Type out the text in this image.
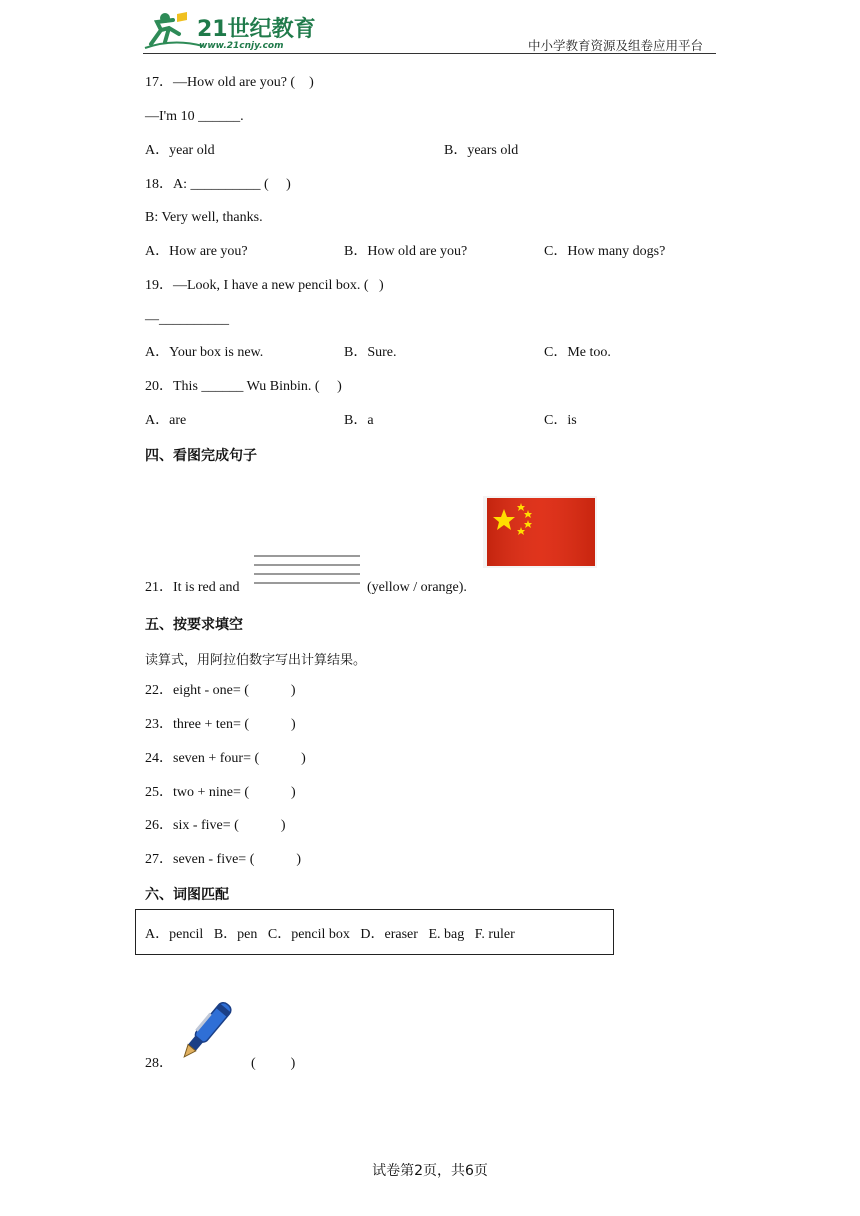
21世纪教育
www.21cnjy.com	中小学教育资源及组卷应用平台
17．—How old are you? (    )
—I'm 10 ______.
A．year old	B．years old
18．A: __________ (     )
B: Very well, thanks.
A．How are you?	B．How old are you?	C．How many dogs?
19．—Look, I have a new pencil box. (   )
—__________
A．Your box is new.	B．Sure.	C．Me too.
20．This ______ Wu Binbin. (     )
A．are	B．a	C．is
四、看图完成句子
21．It is red and	(yellow / orange).
五、按要求填空
读算式，用阿拉伯数字写出计算结果。
22．eight - one= (            )
23．three + ten= (            )
24．seven + four= (            )
25．two + nine= (            )
26．six - five= (            )
27．seven - five= (            )
六、词图匹配
A．pencil   B．pen   C．pencil box   D．eraser   E. bag   F. ruler
28．	(          )
试卷第2页，共6页
